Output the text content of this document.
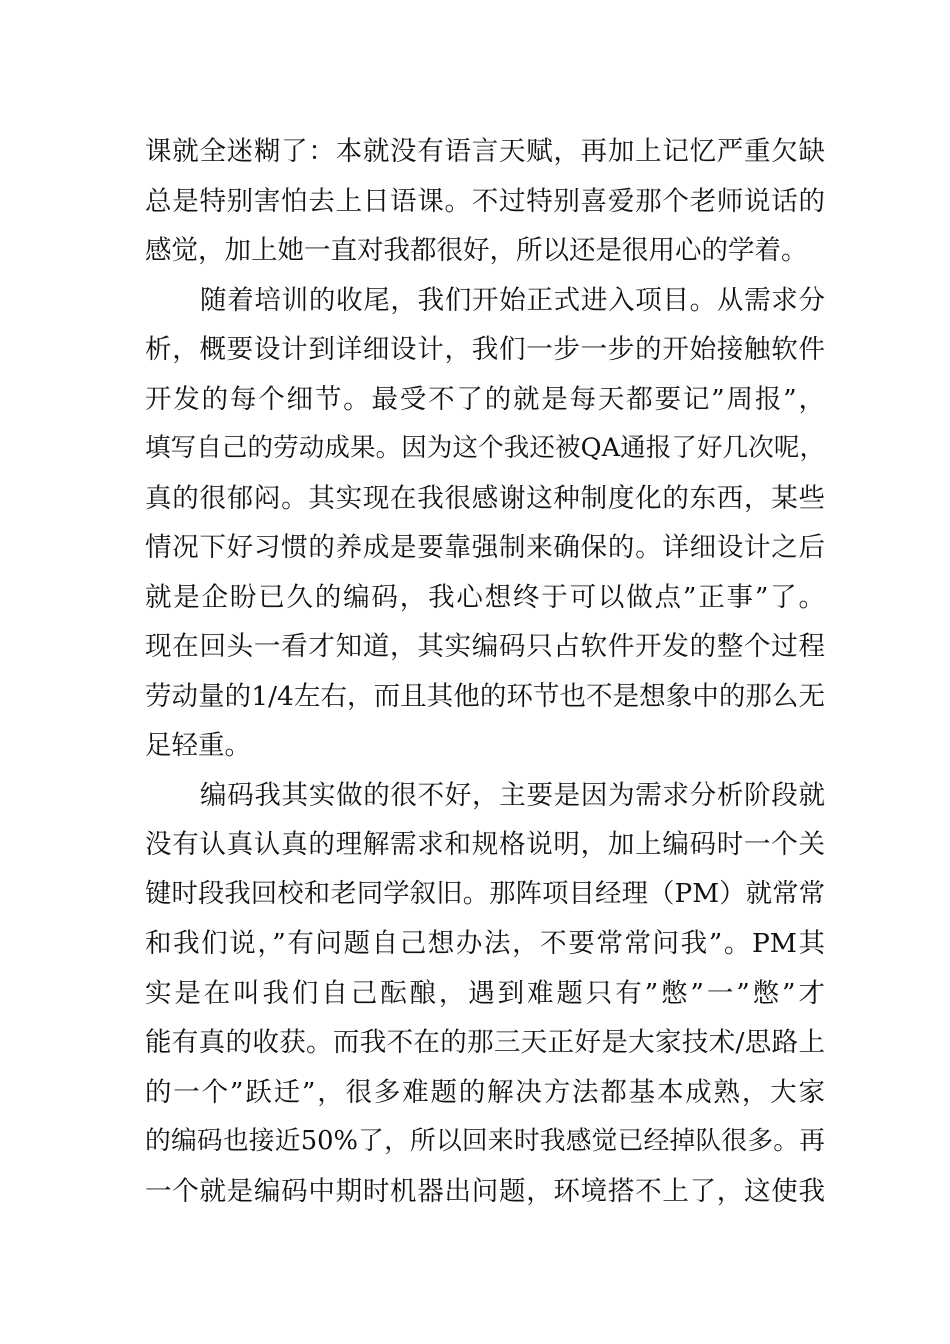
课就全迷糊了：本就没有语言天赋，再加上记忆严重欠缺
总是特别害怕去上日语课。不过特别喜爱那个老师说话的
感觉，加上她一直对我都很好，所以还是很用心的学着。
随着培训的收尾，我们开始正式进入项目。从需求分
析，概要设计到详细设计，我们一步一步的开始接触软件
开发的每个细节。最受不了的就是每天都要记”周报”，
填写自己的劳动成果。因为这个我还被QA通报了好几次呢，
真的很郁闷。其实现在我很感谢这种制度化的东西，某些
情况下好习惯的养成是要靠强制来确保的。详细设计之后
就是企盼已久的编码，我心想终于可以做点”正事”了。
现在回头一看才知道，其实编码只占软件开发的整个过程
劳动量的1/4左右，而且其他的环节也不是想象中的那么无
足轻重。
编码我其实做的很不好，主要是因为需求分析阶段就
没有认真认真的理解需求和规格说明，加上编码时一个关
键时段我回校和老同学叙旧。那阵项目经理（PM）就常常
和我们说，”有问题自己想办法，不要常常问我”。PM其
实是在叫我们自己酝酿，遇到难题只有”憋”一”憋”才
能有真的收获。而我不在的那三天正好是大家技术/思路上
的一个”跃迁”，很多难题的解决方法都基本成熟，大家
的编码也接近50%了，所以回来时我感觉已经掉队很多。再
一个就是编码中期时机器出问题，环境搭不上了，这使我
